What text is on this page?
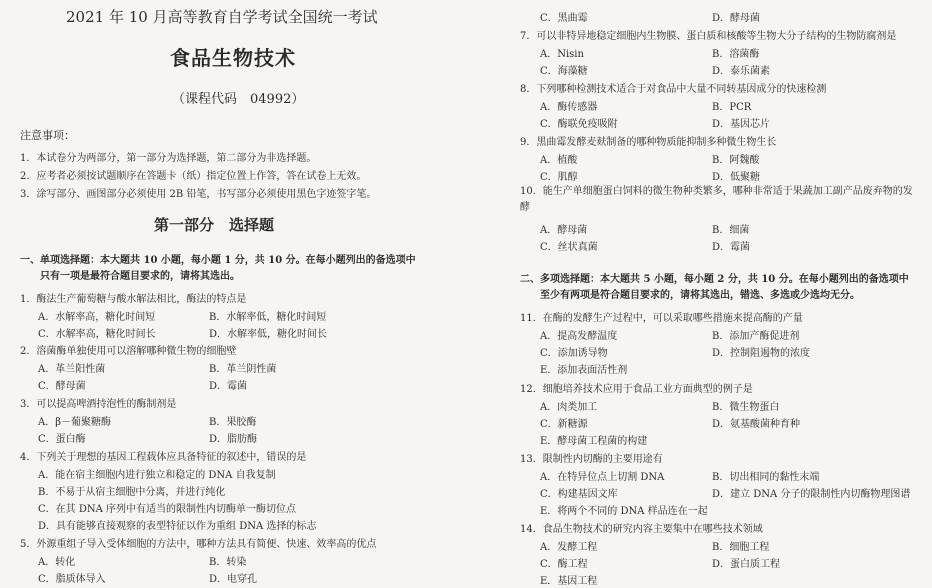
2021 年 10 月高等教育自学考试全国统一考试
食品生物技术
（课程代码　04992）
注意事项：
1．本试卷分为两部分，第一部分为选择题，第二部分为非选择题。
2．应考者必须按试题顺序在答题卡（纸）指定位置上作答，答在试卷上无效。
3．涂写部分、画图部分必须使用 2B 铅笔，书写部分必须使用黑色字迹签字笔。
第一部分　选择题
一、单项选择题：本大题共 10 小题，每小题 1 分，共 10 分。在每小题列出的备选项中
只有一项是最符合题目要求的，请将其选出。
1．酶法生产葡萄糖与酸水解法相比，酶法的特点是
A．水解率高，糖化时间短	B．水解率低，糖化时间短
C．水解率高，糖化时间长	D．水解率低，糖化时间长
2．溶菌酶单独使用可以溶解哪种微生物的细胞壁
A．革兰阳性菌	B．革兰阴性菌
C．酵母菌	D．霉菌
3．可以提高啤酒持泡性的酶制剂是
A．β－葡聚糖酶	B．果胶酶
C．蛋白酶	D．脂肪酶
4．下列关于理想的基因工程载体应具备特征的叙述中，错误的是
A．能在宿主细胞内进行独立和稳定的 DNA 自我复制
B．不易于从宿主细胞中分离，并进行纯化
C．在其 DNA 序列中有适当的限制性内切酶单一酶切位点
D．具有能够直接观察的表型特征以作为重组 DNA 选择的标志
5．外源重组子导入受体细胞的方法中，哪种方法具有简便、快速、效率高的优点
A．转化	B．转染
C．脂质体导入	D．电穿孔
C．黑曲霉	D．酵母菌
7．可以非特异地稳定细胞内生物膜、蛋白质和核酸等生物大分子结构的生物防腐剂是
A．Nisin	B．溶菌酶
C．海藻糖	D．泰乐菌素
8．下列哪种检测技术适合于对食品中大量不同转基因成分的快速检测
A．酶传感器	B．PCR
C．酶联免疫吸附	D．基因芯片
9．黑曲霉发酵麦麸制备的哪种物质能抑制多种微生物生长
A．植酸	B．阿魏酸
C．肌醇	D．低聚糖
10．能生产单细胞蛋白饲料的微生物种类繁多，哪种非常适于果蔬加工副产品废弃物的发酵
A．酵母菌	B．细菌
C．丝状真菌	D．霉菌
二、多项选择题：本大题共 5 小题，每小题 2 分，共 10 分。在每小题列出的备选项中
至少有两项是符合题目要求的，请将其选出，错选、多选或少选均无分。
11．在酶的发酵生产过程中，可以采取哪些措施来提高酶的产量
A．提高发酵温度	B．添加产酶促进剂
C．添加诱导物	D．控制阻遏物的浓度
E．添加表面活性剂
12．细胞培养技术应用于食品工业方面典型的例子是
A．肉类加工	B．微生物蛋白
C．新糖源	D．氨基酸菌种育种
E．酵母菌工程菌的构建
13．限制性内切酶的主要用途有
A．在特异位点上切割 DNA	B．切出相同的黏性末端
C．构建基因文库	D．建立 DNA 分子的限制性内切酶物理图谱
E．将两个不同的 DNA 样品连在一起
14．食品生物技术的研究内容主要集中在哪些技术领域
A．发酵工程	B．细胞工程
C．酶工程	D．蛋白质工程
E．基因工程
